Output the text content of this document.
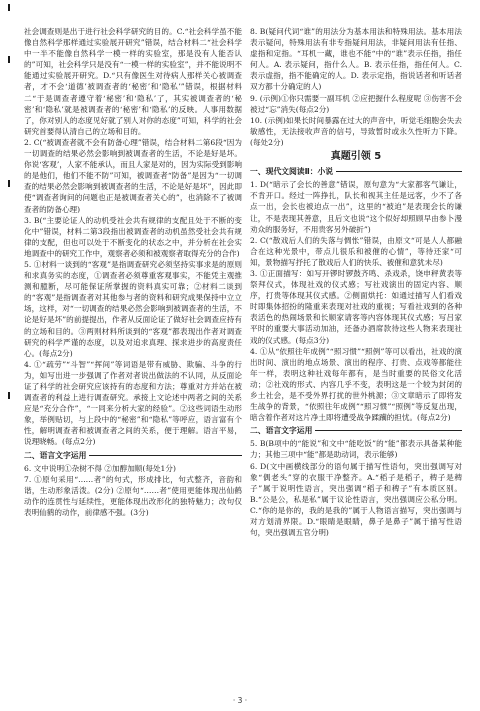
社会调查则是出于进行社会科学研究的目的。C.“社会科学虽不能像自然科学那样通过实验展开研究”错误，结合材料二“社会科学中一半不能像自然科学一模一样的实验室，那是没有人能否认的”可知，社会科学只是没有“一模一样的实验室”，并不能说明不能通过实验展开研究。D.“只有像医生对待病人那样关心被调查者，才不会‘道德’被调查者的‘秘密’和‘隐私’”错误，根据材料二“于是调查者遵守着‘秘密’和‘隐私’了，其实被调查者的‘秘密’和‘隐私’就是被调查者的‘秘密’和‘隐私’的反映。人事用数据了，你对别人的态度见好就了别人对你的态度”可知，科学的社会研究首要得认清自己的立场和目的。

2. C(“被调查者就不会有防备心理”错误，结合材料二第6段“因为一切调查的结果必然会影响到被调查者的生活，不论是好是坏。你说‘客观’，人家不能承认，而且人家是对的，因为实际受到影响的是他们，他们不能不防”可知，被调查者“防备”是因为“一切调查的结果必然会影响到被调查者的生活，不论是好是坏”，因此即使“调查者询问的问题也正是被调查者关心的”，也消除不了被调查者的防备心理)

3. B(“主要论证人的动机受社会共有规律的支配且处于不断的变化中”错误，材料二第3段指出被调查者的动机虽然受社会共有规律的支配，但也可以处于不断变化的状态之中，并分析在社会实地调查中的研究工作中，观察者必须和被观察者取得充分的合作)

5. ①材料一谈到的“客观”是指调查研究必须坚持实事求是的原则和求真务实的态度，①调查者必须尊重客观事实，不能凭主观推测和臆断，尽可能保证所掌握的资料真实可靠；②材料二谈到的“客观”是指调查者对其他参与者的资料和研究成果保持中立立场，这样，对“一切调查的结果必然会影响到被调查者的生活，不论是好是坏”的前提提出，作者从反面论证了做好社会调查应持有的立场和目的。③两则材料所谈到的“客观”都表现出作者对调查研究的科学严谨的态度，以及对追求真理、探求进步的高度责任心。(每点2分)

4. ①“疏劳”“斗智”“挥间”等词语是带有威胁、欺骗、斗争的行为，如写出进一步强调了作者对者说出做法的不认同，从反面论证了科学的社会研究应该持有的态度和方法；尊重对方并站在被调查者的利益上进行调查研究。承接上文论述中两者之间的关系应是“充分合作”，“一同来分析大家的经验”。②这些词语生动形象，举例贴切，与上段中的“秘密”和“隐私”等呼应，语言富有个性，解明调查者和被调查者之间的关系，便于理解。语言平易，说理晓畅。(每点2分)

二、语言文字运用

6. 文中说明①杂树不得 ②加醇加顺(每处1分)

7. ①原句采用“……者”的句式，形成排比，句式整齐，音韵和谐，生动形象活泼。(2分) ②原句“……者”使用更能体现出仙鹤动作的连贯性与延续性，更能体现出改形化的独特魅力；改句仅表明仙鹤的动作，前律感不强。(3分)

8. B(疑问代词“谁”的用法分为基本用法和特殊用法。基本用法表示疑问，特殊用法有非专指疑问用法，非疑问用法有任指、虚指和定指。“耳机一藏，谁也不能“中的“谁”表示任指，指任何人。A. 表示疑问，指什么人。B. 表示任指，指任何人。C. 表示虚指，指不能确定的人。D. 表示定指，指说话者和听话者双方都十分确定的人)

9. (示例)①你只需要一副耳机 ②应把握什么程度呢 ③伤害不会被过“忘”消失(每点2分)

10. (示例)如果长时间暴露在过大的声音中，听觉毛细胞会失去敏感性，无法接收声音的信号，导致暂时或永久性听力下降。(每处2分)

真题引领 5
一、现代文阅读Ⅱ：小说

1. D(“暗示了会长的善意”错误，原句意为“大家都客气谦让，不肯开口。经过一阵挣扎，队长和视其主任是远客，少不了各点一出，会长也被迫点一出”，这里的“被迫”是表现会长的谦让，不是表现其善意，且后文也说“这个似好却照顾早由参卜漫劝众的服务好，不用贵客另外破折”)

2. C(“散戏后人们的失落与惆怅”错误，由原文“可是人人都融合在这种光景中，带点儿很乐和被催的心情”，等待还家“可知，景物描写抒托了散戏后人们的快乐、被催和意犹未尽)

3. ①正面描写：如写开锣时锣鼓齐鸣、杀戏杀，饶申秤黄表等祭拜仪式，体现社戏的仪式感；写社戏演出的固定内容、顺序，打贵等体现其仪式感。②侧面烘托：如通过描写人们看戏时即集体招扮的隆重来表现对社戏的重视；写看社戏到的各种表活色的热闹场景和长顺家请客等内容体现其仪式感；写吕家平时的重要大事活动加油，还备办酒席款待这些人物来表现社戏的仪式感。(每点3分)

4. ①从“依照往年成例”“照习惯”“照例”等可以看出，社戏的演出时间、演出的地点场景、演出的程序、打贵、点戏等都能往年一样，表明这种社戏每年都有，是当时重要的民俗文化活动；②社戏的形式、内容几乎不变，表明这是一个较为封闭的乡土社会，是不受外界打扰的世外桃源；③文章暗示了即将发生战争的背景，“依照往年成例”“照习惯”“照例”等反复出现，暗含着作者对这片净土即将遭受战争蹂躏的担忧。(每点2分)

二、语言文字运用

5. B(B项中的“能说”和文中“能吃饭”的“能”都表示具备某种能力；其他三项中“能”都是助动词，表示能够)

6. D(文中画横线部分的语句属于描写性语句，突出强调写对象“偶老头”穿的衣服干净整齐。A.“稻子是稻子，稗子是稗子”属于说明性语言，突出强调“稻子和稗子”有本质区别。B.“公是公，私是私”属于议论性语言，突出强调应公私分明。C.“你的是你的，我的是我的”属于人物语言描写，突出强调与对方划清界限。D.“眼睛是眼睛，鼻子是鼻子”属于描写性语句，突出强调五官分明)

· 3 ·
